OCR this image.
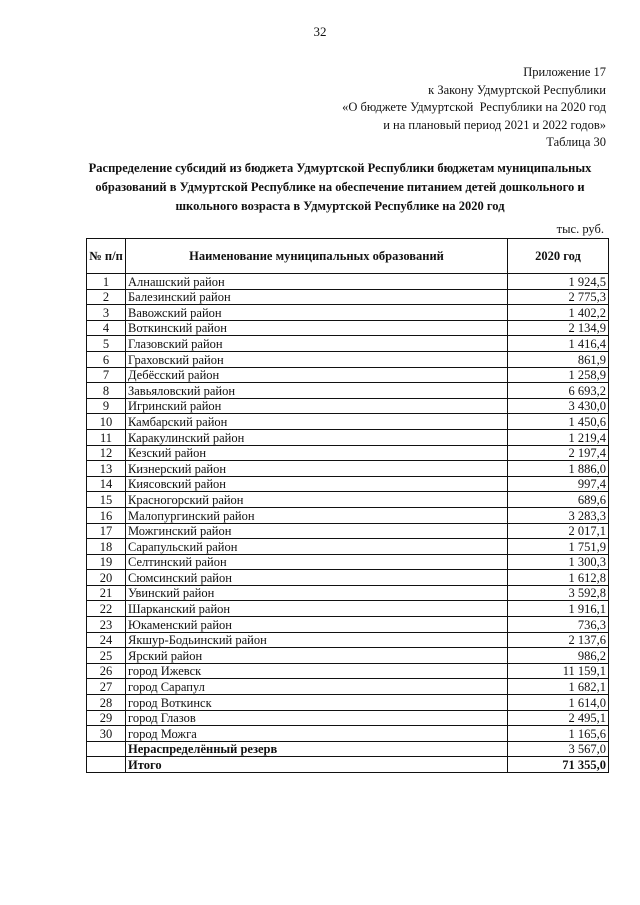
32
Приложение 17
к Закону Удмуртской Республики
«О бюджете Удмуртской  Республики на 2020 год
и на плановый период 2021 и 2022 годов»
Таблица 30
Распределение субсидий из бюджета Удмуртской Республики бюджетам муниципальных
образований в Удмуртской Республике на обеспечение питанием детей дошкольного и
школьного возраста в Удмуртской Республике на 2020 год
тыс. руб.
№ п/п	Наименование муниципальных образований	2020 год
1	Алнашский район	1 924,5
2	Балезинский район	2 775,3
3	Вавожский район	1 402,2
4	Воткинский район	2 134,9
5	Глазовский район	1 416,4
6	Граховский район	861,9
7	Дебёсский район	1 258,9
8	Завьяловский район	6 693,2
9	Игринский район	3 430,0
10	Камбарский район	1 450,6
11	Каракулинский район	1 219,4
12	Кезский район	2 197,4
13	Кизнерский район	1 886,0
14	Киясовский район	997,4
15	Красногорский район	689,6
16	Малопургинский район	3 283,3
17	Можгинский район	2 017,1
18	Сарапульский район	1 751,9
19	Селтинский район	1 300,3
20	Сюмсинский район	1 612,8
21	Увинский район	3 592,8
22	Шарканский район	1 916,1
23	Юкаменский район	736,3
24	Якшур-Бодьинский район	2 137,6
25	Ярский район	986,2
26	город Ижевск	11 159,1
27	город Сарапул	1 682,1
28	город Воткинск	1 614,0
29	город Глазов	2 495,1
30	город Можга	1 165,6
	Нераспределённый резерв	3 567,0
	Итого	71 355,0
